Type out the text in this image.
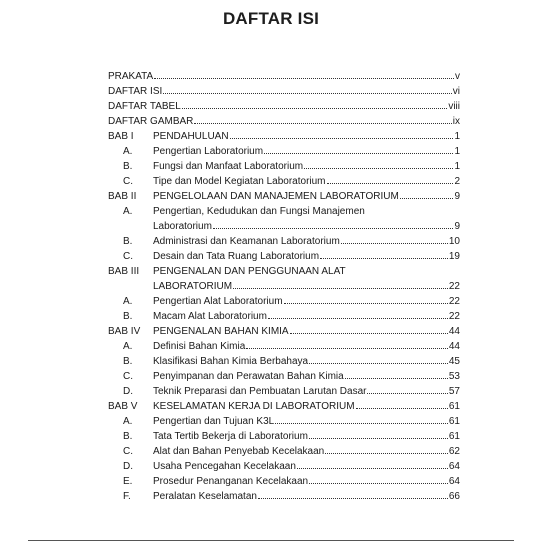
DAFTAR ISI
PRAKATA	v
DAFTAR ISI	vi
DAFTAR TABEL	viii
DAFTAR GAMBAR	ix
BAB I	PENDAHULUAN	1
A.	Pengertian Laboratorium	1
B.	Fungsi dan Manfaat Laboratorium	1
C.	Tipe dan Model Kegiatan Laboratorium	2
BAB II	PENGELOLAAN DAN MANAJEMEN LABORATORIUM	9
A.	Pengertian, Kedudukan dan Fungsi Manajemen
Laboratorium	9
B.	Administrasi dan Keamanan Laboratorium	10
C.	Desain dan Tata Ruang Laboratorium	19
BAB III	PENGENALAN DAN PENGGUNAAN ALAT
LABORATORIUM	22
A.	Pengertian Alat Laboratorium	22
B.	Macam Alat Laboratorium	22
BAB IV	PENGENALAN BAHAN KIMIA	44
A.	Definisi Bahan Kimia	44
B.	Klasifikasi Bahan Kimia Berbahaya	45
C.	Penyimpanan dan Perawatan Bahan Kimia	53
D.	Teknik Preparasi dan Pembuatan Larutan Dasar	57
BAB V	KESELAMATAN KERJA DI LABORATORIUM	61
A.	Pengertian dan Tujuan K3L	61
B.	Tata Tertib Bekerja di Laboratorium	61
C.	Alat dan Bahan Penyebab Kecelakaan	62
D.	Usaha Pencegahan Kecelakaan	64
E.	Prosedur Penanganan Kecelakaan	64
F.	Peralatan Keselamatan	66
